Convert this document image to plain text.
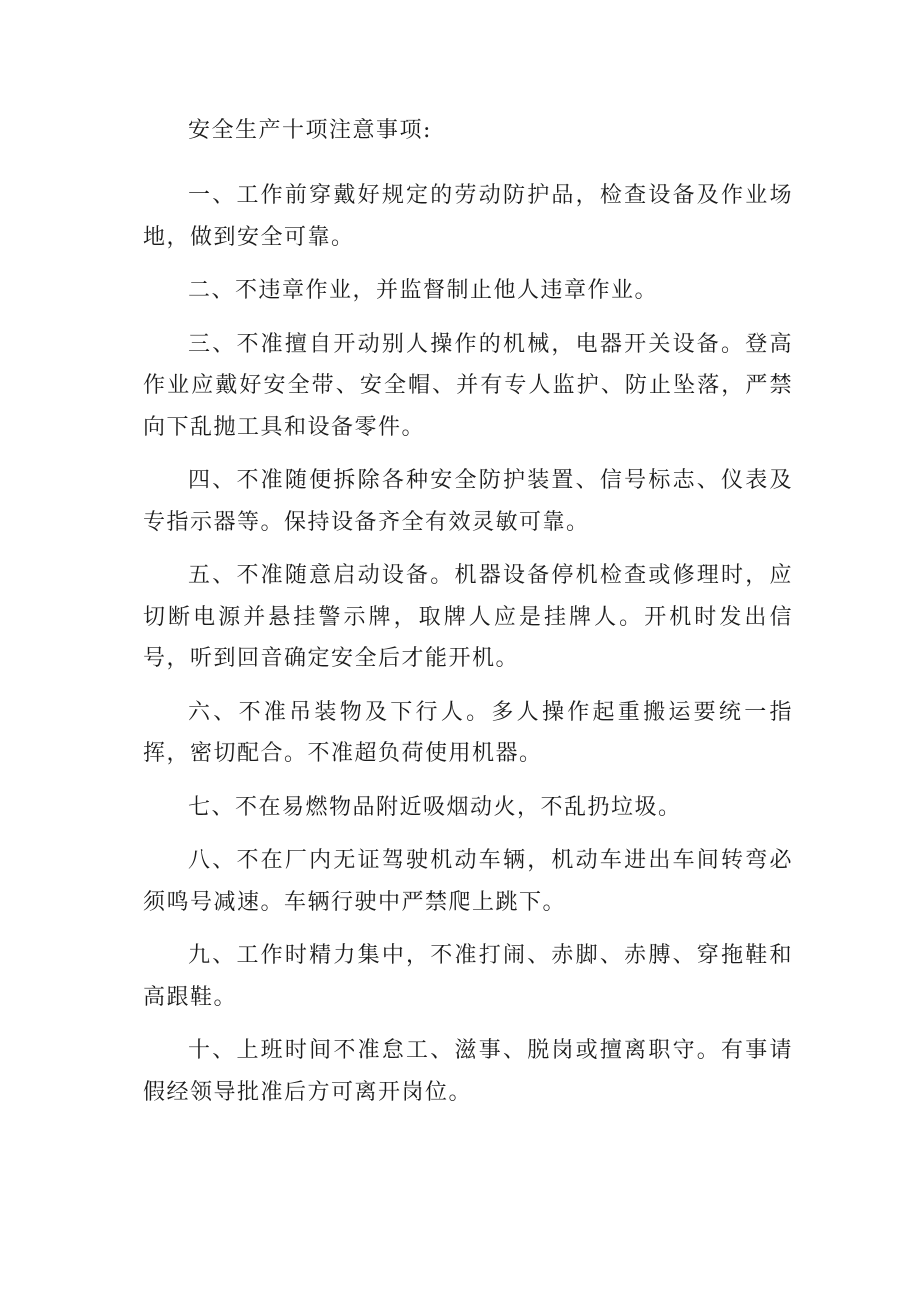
安全生产十项注意事项:
一、工作前穿戴好规定的劳动防护品，检查设备及作业场地，做到安全可靠。
二、不违章作业，并监督制止他人违章作业。
三、不准擅自开动别人操作的机械，电器开关设备。登高作业应戴好安全带、安全帽、并有专人监护、防止坠落，严禁向下乱抛工具和设备零件。
四、不准随便拆除各种安全防护装置、信号标志、仪表及专指示器等。保持设备齐全有效灵敏可靠。
五、不准随意启动设备。机器设备停机检查或修理时，应切断电源并悬挂警示牌，取牌人应是挂牌人。开机时发出信号，听到回音确定安全后才能开机。
六、不准吊装物及下行人。多人操作起重搬运要统一指挥，密切配合。不准超负荷使用机器。
七、不在易燃物品附近吸烟动火，不乱扔垃圾。
八、不在厂内无证驾驶机动车辆，机动车进出车间转弯必须鸣号减速。车辆行驶中严禁爬上跳下。
九、工作时精力集中，不准打闹、赤脚、赤膊、穿拖鞋和高跟鞋。
十、上班时间不准怠工、滋事、脱岗或擅离职守。有事请假经领导批准后方可离开岗位。
